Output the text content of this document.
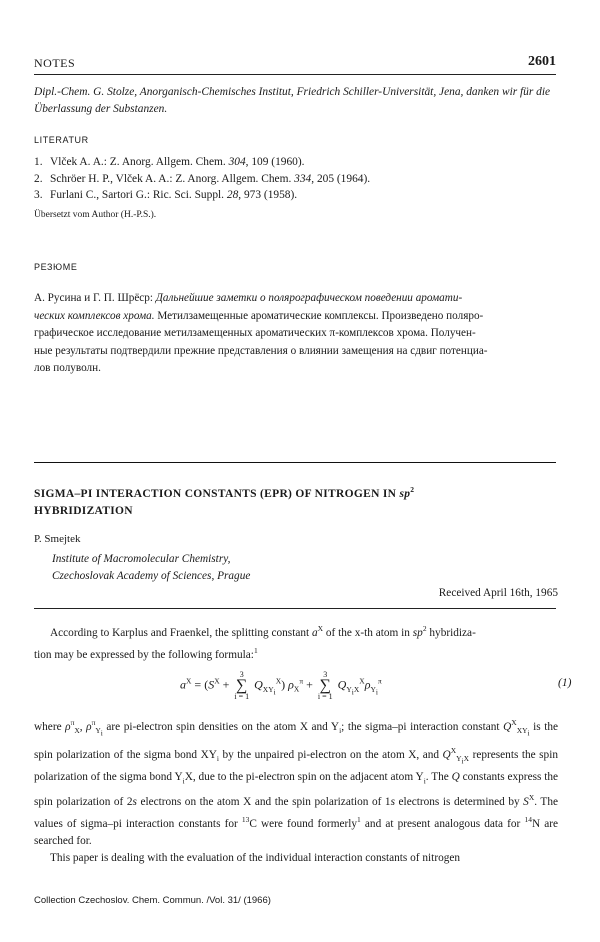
NOTES	2601
Dipl.-Chem. G. Stolze, Anorganisch-Chemisches Institut, Friedrich Schiller-Universität, Jena, danken wir für die Überlassung der Substanzen.
LITERATUR
1. Vlček A. A.: Z. Anorg. Allgem. Chem. 304, 109 (1960).
2. Schröer H. P., Vlček A. A.: Z. Anorg. Allgem. Chem. 334, 205 (1964).
3. Furlani C., Sartori G.: Ric. Sci. Suppl. 28, 973 (1958).
Übersetzt vom Author (H.-P.S.).
РЕЗЮМЕ
А. Русина и Г. П. Шрёср: Дальнейшие заметки о полярографическом поведении аромати-
ческих комплексов хрома. Метилзамещенные ароматические комплексы. Произведено поляро-
графическое исследование метилзамещенных ароматических π-комплексов хрома. Получен-
ные результаты подтвердили прежние представления о влиянии замещения на сдвиг потенциа-
лов полуволн.
SIGMA–PI INTERACTION CONSTANTS (EPR) OF NITROGEN IN $sp^2$
HYBRIDIZATION
P. Smejtek
Institute of Macromolecular Chemistry,
Czechoslovak Academy of Sciences, Prague
Received April 16th, 1965

According to Karplus and Fraenkel, the splitting constant $a^X$ of the x-th atom in $sp^2$ hybridiza-
tion may be expressed by the following formula:$^1$

$a^X = (S^X$ +
3
∑
i = 1
$Q_{XY_i}^X$) $\rho_X^\pi$ +
3
∑
i = 1
$Q_{Y_iX}^X\rho_{Y_i}^\pi$	(1)

where $\rho^\pi_X$, $\rho^\pi_{Y_i}$ are pi-electron spin densities on the atom X and $Y_i$; the sigma–pi interaction constant $Q^X_{XY_i}$ is the spin polarization of the sigma bond $XY_i$ by the unpaired pi-electron on the atom X, and $Q^X_{Y_iX}$ represents the spin polarization of the sigma bond $Y_iX$, due to the pi-electron spin on the adjacent atom $Y_i$. The Q constants express the spin polarization of 2s electrons on the atom X and the spin polarization of 1s electrons is determined by $S^X$. The values of sigma–pi interaction constants for $^{13}$C were found formerly$^1$ and at present analogous data for $^{14}$N are searched for.

This paper is dealing with the evaluation of the individual interaction constants of nitrogen

Collection Czechoslov. Chem. Commun. /Vol. 31/ (1966)
